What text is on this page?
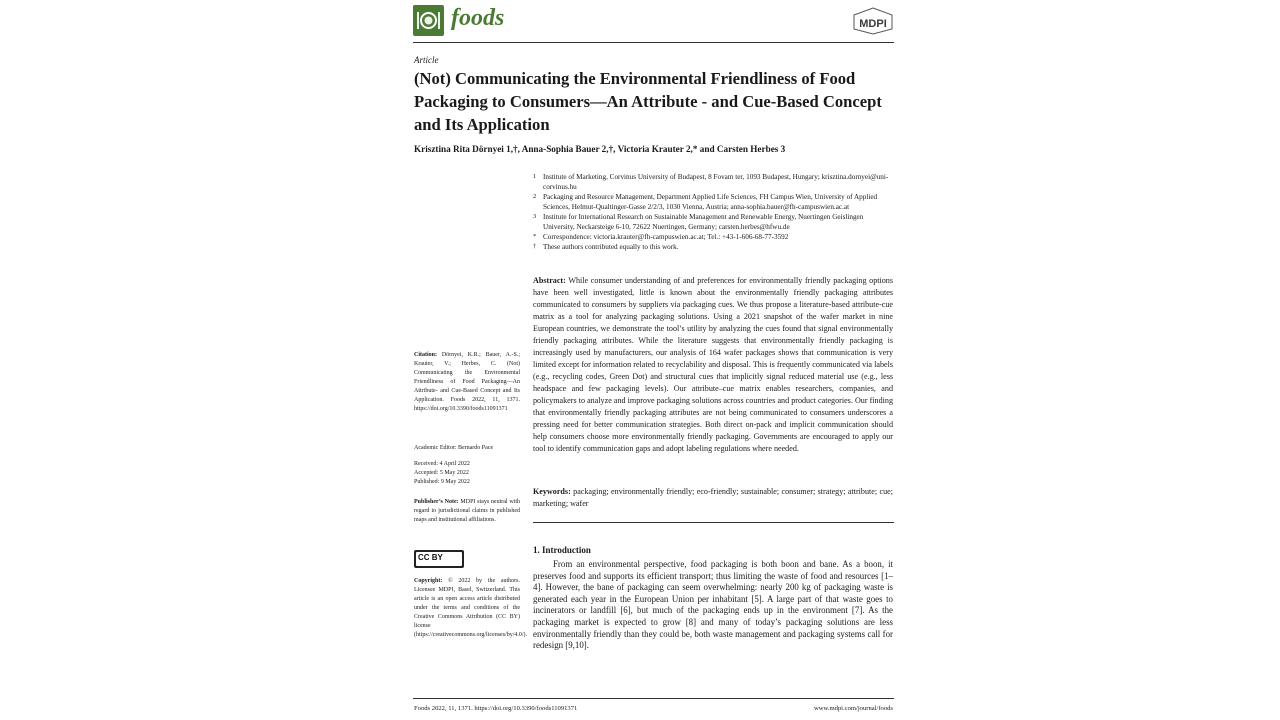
foods	MDPI
Article
(Not) Communicating the Environmental Friendliness of Food Packaging to Consumers—An Attribute - and Cue-Based Concept and Its Application
Krisztina Rita Dörnyei 1,†, Anna-Sophia Bauer 2,†, Victoria Krauter 2,* and Carsten Herbes 3
1 Institute of Marketing, Corvinus University of Budapest, 8 Fovam ter, 1093 Budapest, Hungary; krisztina.dornyei@uni-corvinus.hu
2 Packaging and Resource Management, Department Applied Life Sciences, FH Campus Wien, University of Applied Sciences, Helmut-Qualtinger-Gasse 2/2/3, 1030 Vienna, Austria; anna-sophia.bauer@fh-campuswien.ac.at
3 Institute for International Research on Sustainable Management and Renewable Energy, Nuertingen Geislingen University, Neckarsteige 6-10, 72622 Nuertingen, Germany; carsten.herbes@hfwu.de
* Correspondence: victoria.krauter@fh-campuswien.ac.at; Tel.: +43-1-606-68-77-3592
† These authors contributed equally to this work.
Abstract: While consumer understanding of and preferences for environmentally friendly packaging options have been well investigated, little is known about the environmentally friendly packaging attributes communicated to consumers by suppliers via packaging cues. We thus propose a literature-based attribute-cue matrix as a tool for analyzing packaging solutions. Using a 2021 snapshot of the wafer market in nine European countries, we demonstrate the tool’s utility by analyzing the cues found that signal environmentally friendly packaging attributes. While the literature suggests that environmentally friendly packaging is increasingly used by manufacturers, our analysis of 164 wafer packages shows that communication is very limited except for information related to recyclability and disposal. This is frequently communicated via labels (e.g., recycling codes, Green Dot) and structural cues that implicitly signal reduced material use (e.g., less headspace and few packaging levels). Our attribute–cue matrix enables researchers, companies, and policymakers to analyze and improve packaging solutions across countries and product categories. Our finding that environmentally friendly packaging attributes are not being communicated to consumers underscores a pressing need for better communication strategies. Both direct on-pack and implicit communication should help consumers choose more environmentally friendly packaging. Governments are encouraged to apply our tool to identify communication gaps and adopt labeling regulations where needed.
Keywords: packaging; environmentally friendly; eco-friendly; sustainable; consumer; strategy; attribute; cue; marketing; wafer

Citation: Dörnyei, K.R.; Bauer, A.-S.; Krauter, V.; Herbes, C. (Not) Communicating the Environmental Friendliness of Food Packaging—An Attribute- and Cue-Based Concept and Its Application. Foods 2022, 11, 1371. https://doi.org/10.3390/foods11091371

Academic Editor: Bernardo Pace

Received: 4 April 2022

Accepted: 5 May 2022

Published: 9 May 2022

Publisher’s Note: MDPI stays neutral with regard to jurisdictional claims in published maps and institutional affiliations.

CC BY

Copyright: © 2022 by the authors. Licensee MDPI, Basel, Switzerland. This article is an open access article distributed under the terms and conditions of the Creative Commons Attribution (CC BY) license (https://creativecommons.org/licenses/by/4.0/).

1. Introduction

From an environmental perspective, food packaging is both boon and bane. As a boon, it preserves food and supports its efficient transport; thus limiting the waste of food and resources [1–4]. However, the bane of packaging can seem overwhelming: nearly 200 kg of packaging waste is generated each year in the European Union per inhabitant [5]. A large part of that waste goes to incinerators or landfill [6], but much of the packaging ends up in the environment [7]. As the packaging market is expected to grow [8] and many of today’s packaging solutions are less environmentally friendly than they could be, both waste management and packaging systems call for redesign [9,10].

Foods 2022, 11, 1371. https://doi.org/10.3390/foods11091371	www.mdpi.com/journal/foods
